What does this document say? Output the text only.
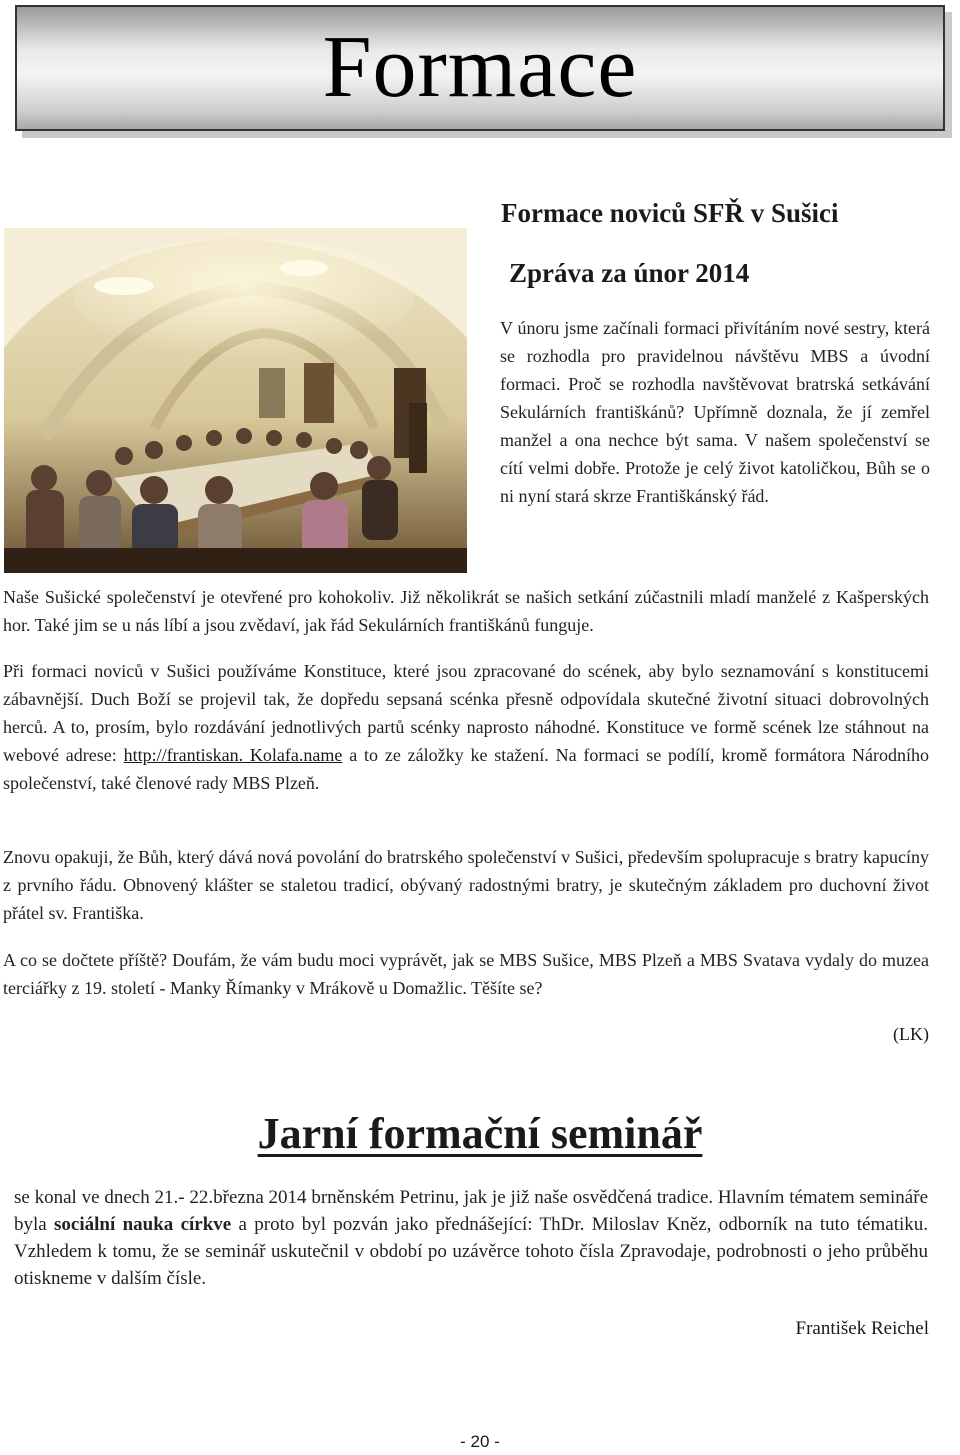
Formace
Formace noviců SFŘ v Sušici
Zpráva za únor 2014

V únoru jsme začínali formaci přivítáním nové sestry, která se rozhodla pro pravidelnou návštěvu MBS a úvodní formaci. Proč se rozhodla navštěvovat bratrská setkávání Sekulárních františkánů? Upřímně doznala, že jí zemřel manžel a ona nechce být sama. V našem společenství se cítí velmi dobře. Protože je celý život katoličkou, Bůh se o ni nyní stará skrze Františkánský řád.

Naše Sušické společenství je otevřené pro kohokoliv. Již několikrát se našich setkání zúčastnili mladí manželé z Kašperských hor. Také jim se u nás líbí a jsou zvědaví, jak řád Sekulárních františkánů funguje.

Při formaci noviců v Sušici používáme Konstituce, které jsou zpracované do scének, aby bylo seznamování s konstitucemi zábavnější. Duch Boží se projevil tak, že dopředu sepsaná scénka přesně odpovídala skutečné životní situaci dobrovolných herců. A to, prosím, bylo rozdávání jednotlivých partů scénky naprosto náhodné. Konstituce ve formě scének lze stáhnout na webové adrese: http://frantiskan. Kolafa.name a to ze záložky ke stažení. Na formaci se podílí, kromě formátora Národního společenství, také členové rady MBS Plzeň.

Znovu opakuji, že Bůh, který dává nová povolání do bratrského společenství v Sušici, především spolupracuje s bratry kapucíny z prvního řádu. Obnovený klášter se staletou tradicí, obývaný radostnými bratry, je skutečným základem pro duchovní život přátel sv. Františka.

A co se dočtete příště? Doufám, že vám budu moci vyprávět, jak se MBS Sušice, MBS Plzeň a MBS Svatava vydaly do muzea terciářky z 19. století - Manky Římanky v Mrákově u Domažlic. Těšíte se?

(LK)

Jarní formační seminář

se konal ve dnech 21.- 22.března 2014 brněnském Petrinu, jak je již naše osvědčená tradice. Hlavním tématem semináře byla sociální nauka církve a proto byl pozván jako přednášející: ThDr. Miloslav Kněz, odborník na tuto tématiku. Vzhledem k tomu, že se seminář uskutečnil v období po uzávěrce tohoto čísla Zpravodaje, podrobnosti o jeho průběhu otiskneme v dalším čísle.

František Reichel

- 20 -
